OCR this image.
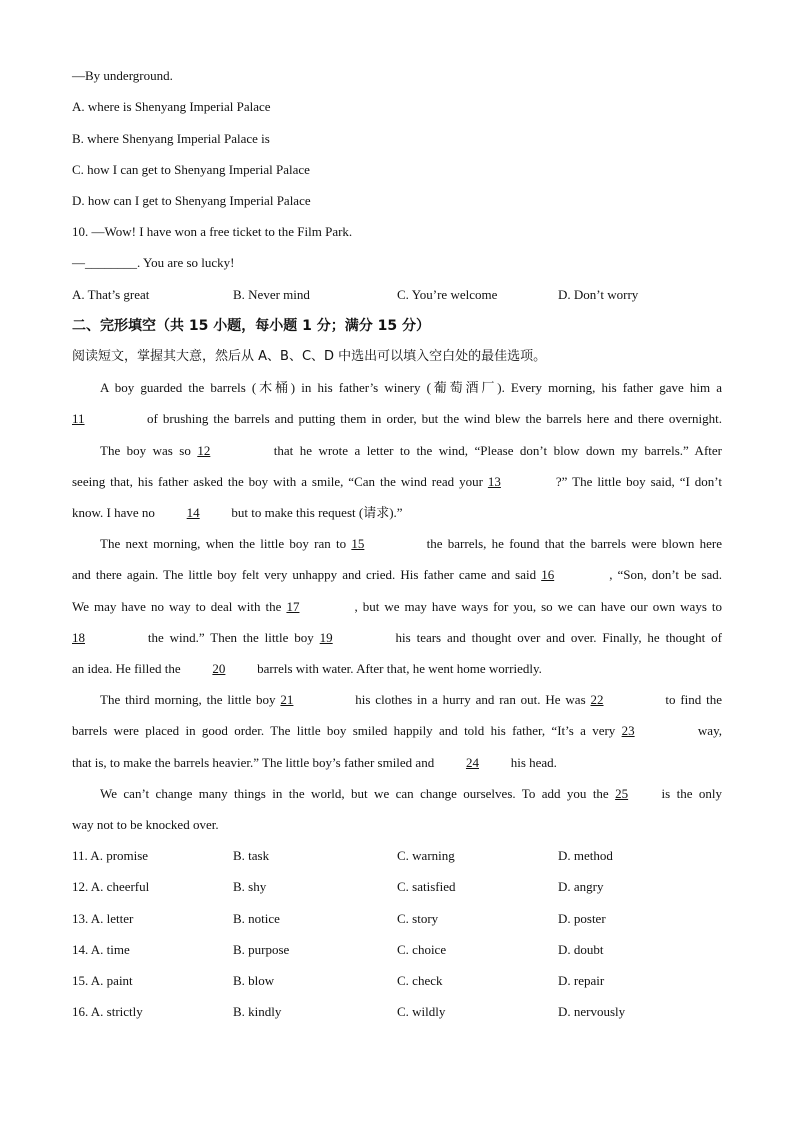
—By underground.
A. where is Shenyang Imperial Palace
B. where Shenyang Imperial Palace is
C. how I can get to Shenyang Imperial Palace
D. how can I get to Shenyang Imperial Palace
10. —Wow! I have won a free ticket to the Film Park.
—________. You are so lucky!
A. That’s great	B. Never mind	C. You’re welcome	D. Don’t worry
二、完形填空（共 15 小题，每小题 1 分；满分 15 分）
阅读短文，掌握其大意，然后从 A、B、C、D 中选出可以填入空白处的最佳选项。
A boy guarded the barrels (木桶) in his father’s winery (葡萄酒厂). Every morning, his father gave him a
11	of brushing the barrels and putting them in order, but the wind blew the barrels here and there overnight.
The boy was so 12	that he wrote a letter to the wind, “Please don’t blow down my barrels.” After
seeing that, his father asked the boy with a smile, “Can the wind read your 13	?” The little boy said, “I don’t
know. I have no 14 but to make this request (请求).”
The next morning, when the little boy ran to 15	the barrels, he found that the barrels were blown here
and there again. The little boy felt very unhappy and cried. His father came and said 16	, “Son, don’t be sad.
We may have no way to deal with the 17	, but we may have ways for you, so we can have our own ways to
18	the wind.” Then the little boy 19	his tears and thought over and over. Finally, he thought of
an idea. He filled the 20 barrels with water. After that, he went home worriedly.
The third morning, the little boy 21	his clothes in a hurry and ran out. He was 22	to find the
barrels were placed in good order. The little boy smiled happily and told his father, “It’s a very 23	way,
that is, to make the barrels heavier.” The little boy’s father smiled and 24 his head.
We can’t change many things in the world, but we can change ourselves. To add you the 25 is the only
way not to be knocked over.
11. A. promise	B. task	C. warning	D. method
12. A. cheerful	B. shy	C. satisfied	D. angry
13. A. letter	B. notice	C. story	D. poster
14. A. time	B. purpose	C. choice	D. doubt
15. A. paint	B. blow	C. check	D. repair
16. A. strictly	B. kindly	C. wildly	D. nervously
